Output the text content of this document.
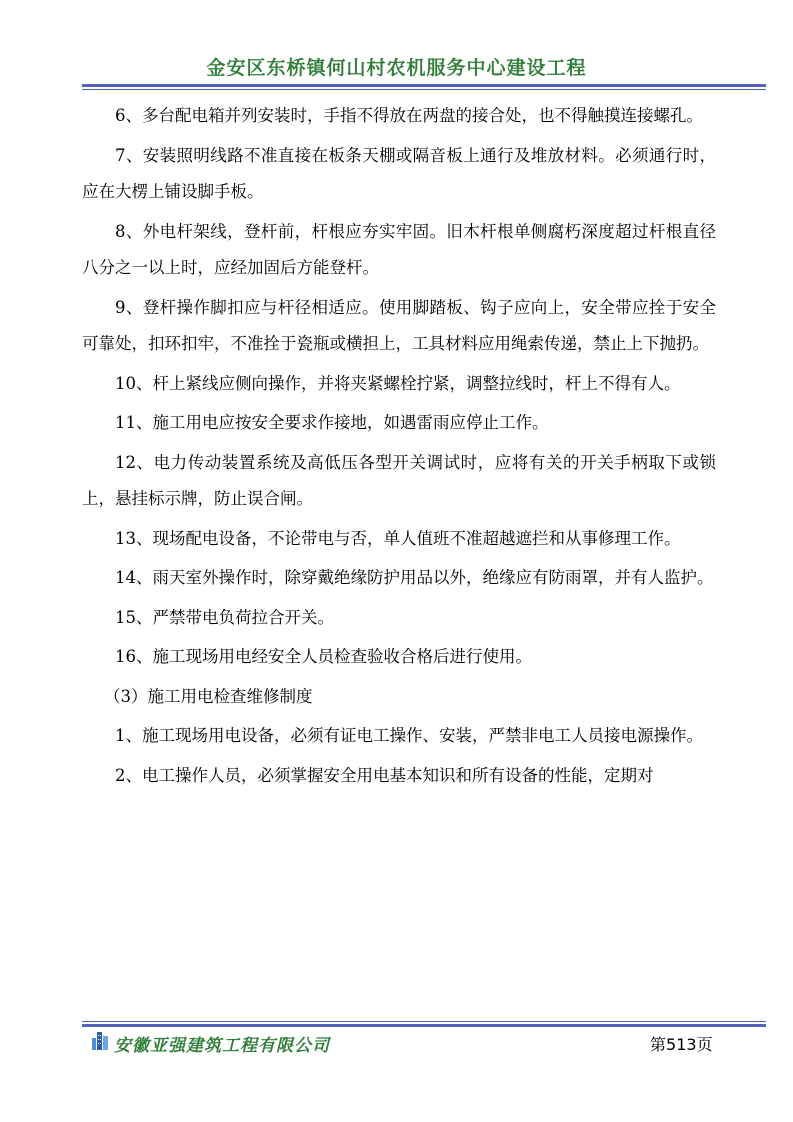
金安区东桥镇何山村农机服务中心建设工程

6、多台配电箱并列安装时，手指不得放在两盘的接合处，也不得触摸连接螺孔。

7、安装照明线路不准直接在板条天棚或隔音板上通行及堆放材料。必须通行时，应在大楞上铺设脚手板。

8、外电杆架线，登杆前，杆根应夯实牢固。旧木杆根单侧腐朽深度超过杆根直径八分之一以上时，应经加固后方能登杆。

9、登杆操作脚扣应与杆径相适应。使用脚踏板、钩子应向上，安全带应拴于安全可靠处，扣环扣牢，不准拴于瓷瓶或横担上，工具材料应用绳索传递，禁止上下抛扔。

10、杆上紧线应侧向操作，并将夹紧螺栓拧紧，调整拉线时，杆上不得有人。

11、施工用电应按安全要求作接地，如遇雷雨应停止工作。

12、电力传动装置系统及高低压各型开关调试时，应将有关的开关手柄取下或锁上，悬挂标示牌，防止误合闸。

13、现场配电设备，不论带电与否，单人值班不准超越遮拦和从事修理工作。

14、雨天室外操作时，除穿戴绝缘防护用品以外，绝缘应有防雨罩，并有人监护。

15、严禁带电负荷拉合开关。

16、施工现场用电经安全人员检查验收合格后进行使用。

（3）施工用电检查维修制度

1、施工现场用电设备，必须有证电工操作、安装，严禁非电工人员接电源操作。

2、电工操作人员，必须掌握安全用电基本知识和所有设备的性能，定期对

安徽亚强建筑工程有限公司	第513页
